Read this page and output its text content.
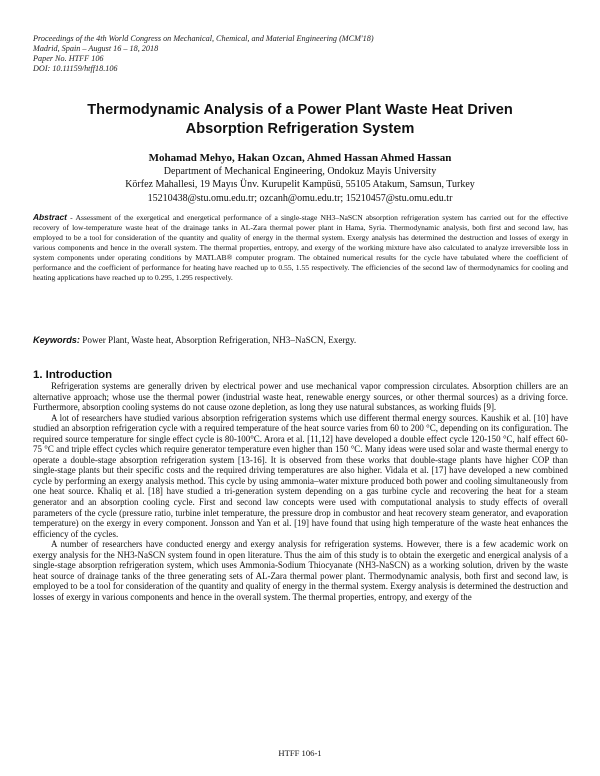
Proceedings of the 4th World Congress on Mechanical, Chemical, and Material Engineering (MCM'18)
Madrid, Spain – August 16 – 18, 2018
Paper No. HTFF 106
DOI: 10.11159/htff18.106
Thermodynamic Analysis of a Power Plant Waste Heat Driven
Absorption Refrigeration System
Mohamad Mehyo, Hakan Ozcan, Ahmed Hassan Ahmed Hassan
Department of Mechanical Engineering, Ondokuz Mayis University
Körfez Mahallesi, 19 Mayıs Ünv. Kurupelit Kampüsü, 55105 Atakum, Samsun, Turkey
15210438@stu.omu.edu.tr; ozcanh@omu.edu.tr; 15210457@stu.omu.edu.tr
Abstract - Assessment of the exergetical and energetical performance of a single-stage NH3–NaSCN absorption refrigeration system has carried out for the effective recovery of low-temperature waste heat of the drainage tanks in AL-Zara thermal power plant in Hama, Syria. Thermodynamic analysis, both first and second law, has employed to be a tool for consideration of the quantity and quality of energy in the thermal system. Exergy analysis has determined the destruction and losses of exergy in various components and hence in the overall system. The thermal properties, entropy, and exergy of the working mixture have also calculated to analyze irreversible loss in system components under operating conditions by MATLAB® computer program. The obtained numerical results for the cycle have tabulated where the coefficient of performance and the coefficient of performance for heating have reached up to 0.55, 1.55 respectively. The efficiencies of the second law of thermodynamics for cooling and heating applications have reached up to 0.295, 1.295 respectively.
Keywords: Power Plant, Waste heat, Absorption Refrigeration, NH3–NaSCN, Exergy.
1. Introduction

Refrigeration systems are generally driven by electrical power and use mechanical vapor compression circulates. Absorption chillers are an alternative approach; whose use the thermal power (industrial waste heat, renewable energy sources, or other thermal sources) as a driving force. Furthermore, absorption cooling systems do not cause ozone depletion, as long they use natural substances, as working fluids [9].

A lot of researchers have studied various absorption refrigeration systems which use different thermal energy sources. Kaushik et al. [10] have studied an absorption refrigeration cycle with a required temperature of the heat source varies from 60 to 200 °C, depending on its configuration. The required source temperature for single effect cycle is 80-100°C. Arora et al. [11,12] have developed a double effect cycle 120-150 °C, half effect 60-75 °C and triple effect cycles which require generator temperature even higher than 150 °C. Many ideas were used solar and waste thermal energy to operate a double-stage absorption refrigeration system [13-16]. It is observed from these works that double-stage plants have higher COP than single-stage plants but their specific costs and the required driving temperatures are also higher. Vidala et al. [17] have developed a new combined cycle by performing an exergy analysis method. This cycle by using ammonia–water mixture produced both power and cooling simultaneously from one heat source. Khaliq et al. [18] have studied a tri-generation system depending on a gas turbine cycle and recovering the heat for a steam generator and an absorption cooling cycle. First and second law concepts were used with computational analysis to study effects of overall parameters of the cycle (pressure ratio, turbine inlet temperature, the pressure drop in combustor and heat recovery steam generator, and evaporation temperature) on the exergy in every component. Jonsson and Yan et al. [19] have found that using high temperature of the waste heat enhances the efficiency of the cycles.

A number of researchers have conducted energy and exergy analysis for refrigeration systems. However, there is a few academic work on exergy analysis for the NH3-NaSCN system found in open literature. Thus the aim of this study is to obtain the exergetic and energical analysis of a single-stage absorption refrigeration system, which uses Ammonia-Sodium Thiocyanate (NH3-NaSCN) as a working solution, driven by the waste heat source of drainage tanks of the three generating sets of AL-Zara thermal power plant. Thermodynamic analysis, both first and second law, is employed to be a tool for consideration of the quantity and quality of energy in the thermal system. Exergy analysis is determined the destruction and losses of exergy in various components and hence in the overall system. The thermal properties, entropy, and exergy of the

HTFF 106-1
